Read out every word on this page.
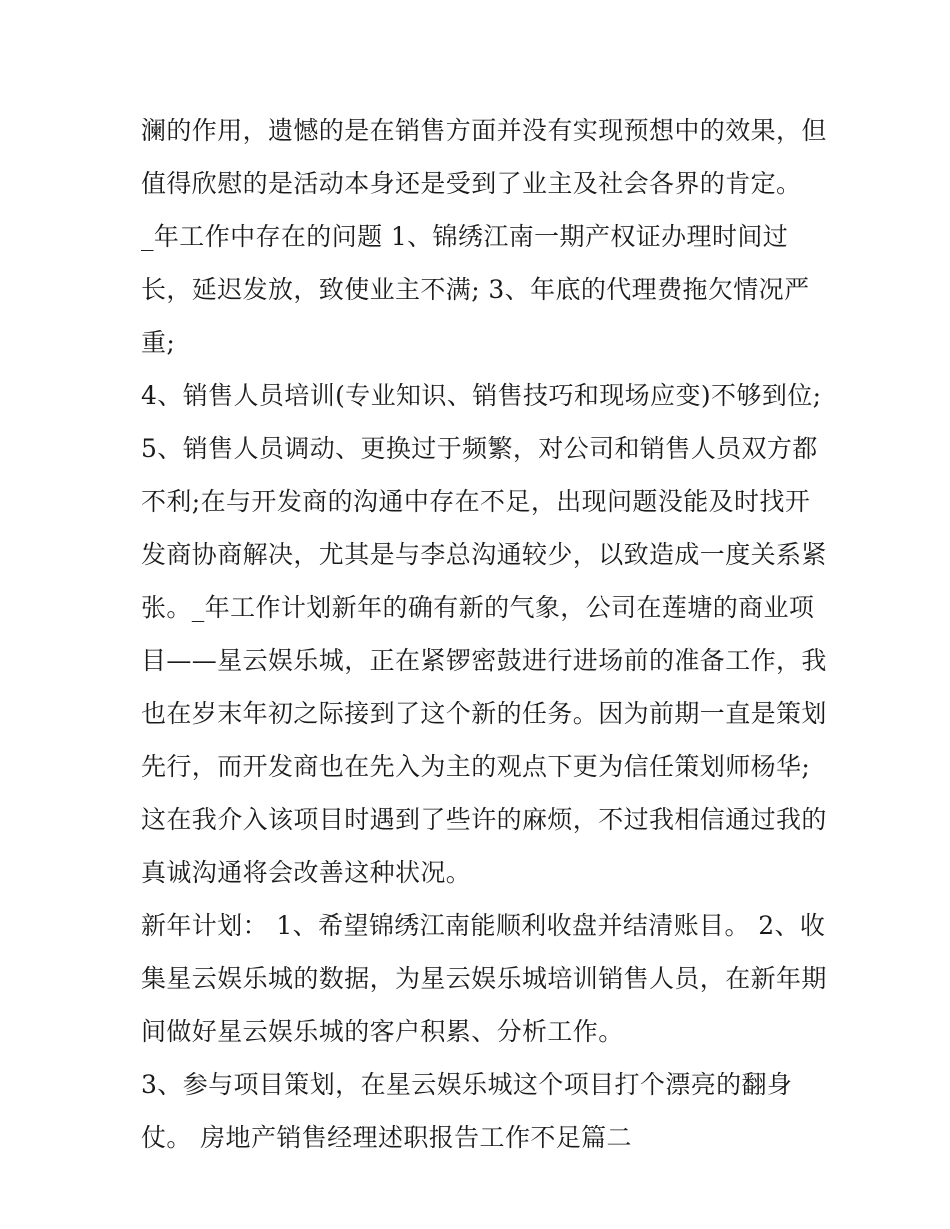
澜的作用，遗憾的是在销售方面并没有实现预想中的效果，但
值得欣慰的是活动本身还是受到了业主及社会各界的肯定。
_年工作中存在的问题 1、锦绣江南一期产权证办理时间过
长，延迟发放，致使业主不满; 3、年底的代理费拖欠情况严
重;
4、销售人员培训(专业知识、销售技巧和现场应变)不够到位;
5、销售人员调动、更换过于频繁，对公司和销售人员双方都
不利;在与开发商的沟通中存在不足，出现问题没能及时找开
发商协商解决，尤其是与李总沟通较少，以致造成一度关系紧
张。_年工作计划新年的确有新的气象，公司在莲塘的商业项
目——星云娱乐城，正在紧锣密鼓进行进场前的准备工作，我
也在岁末年初之际接到了这个新的任务。因为前期一直是策划
先行，而开发商也在先入为主的观点下更为信任策划师杨华;
这在我介入该项目时遇到了些许的麻烦，不过我相信通过我的
真诚沟通将会改善这种状况。
新年计划： 1、希望锦绣江南能顺利收盘并结清账目。 2、收
集星云娱乐城的数据，为星云娱乐城培训销售人员，在新年期
间做好星云娱乐城的客户积累、分析工作。
3、参与项目策划，在星云娱乐城这个项目打个漂亮的翻身
仗。 房地产销售经理述职报告工作不足篇二
